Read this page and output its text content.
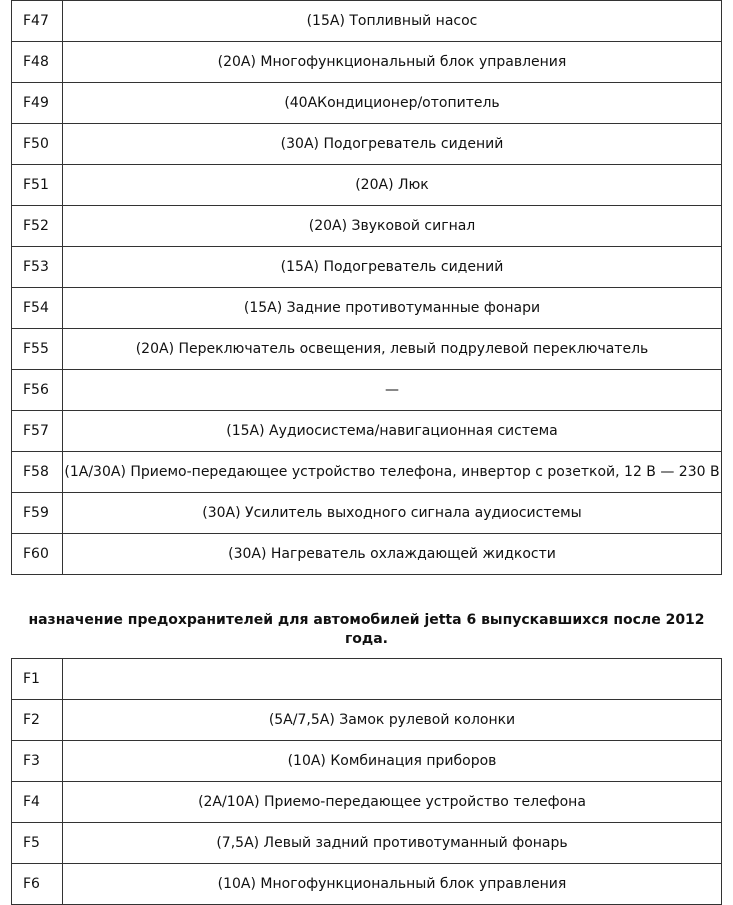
F47	(15А) Топливный насос
F48	(20А) Многофункциональный блок управления
F49	(40АКондиционер/отопитель
F50	(30А) Подогреватель сидений
F51	(20А) Люк
F52	(20А) Звуковой сигнал
F53	(15А) Подогреватель сидений
F54	(15А) Задние противотуманные фонари
F55	(20А) Переключатель освещения, левый подрулевой переключатель
F56	—
F57	(15А) Аудиосистема/навигационная система
F58	(1А/30А) Приемо-передающее устройство телефона, инвертор с розеткой, 12 В — 230 В
F59	(30А) Усилитель выходного сигнала аудиосистемы
F60	(30А) Нагреватель охлаждающей жидкости
назначение предохранителей для автомобилей jetta 6 выпускавшихся после 2012 года.
F1	
F2	(5А/7,5А) Замок рулевой колонки
F3	(10А) Комбинация приборов
F4	(2А/10А) Приемо-передающее устройство телефона
F5	(7,5А) Левый задний противотуманный фонарь
F6	(10А) Многофункциональный блок управления
